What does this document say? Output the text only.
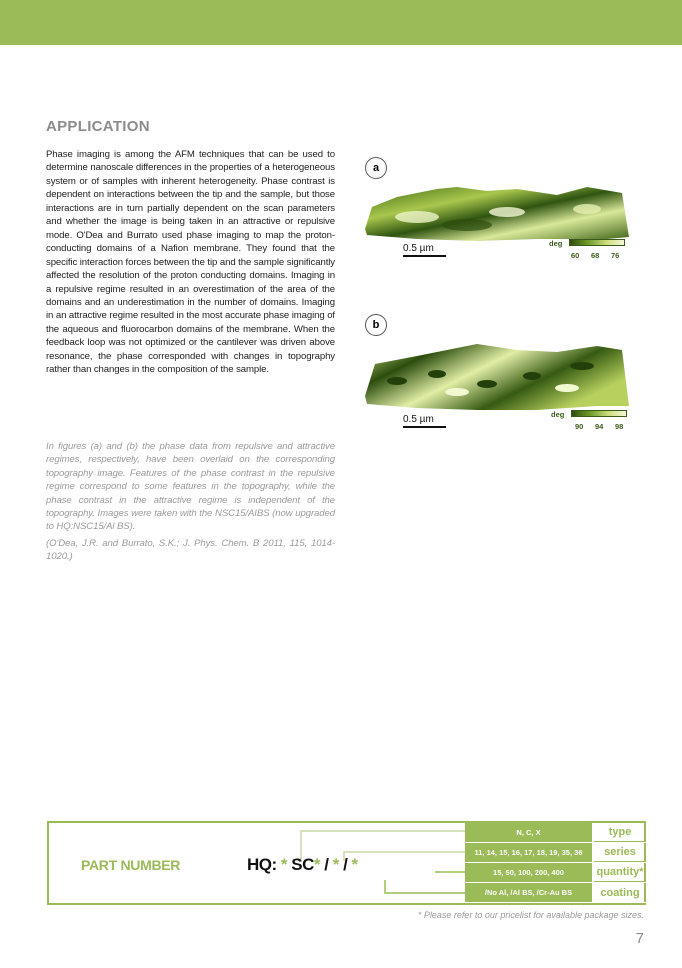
APPLICATION
Phase imaging is among the AFM techniques that can be used to determine nanoscale differences in the properties of a heterogeneous system or of samples with inherent heterogeneity. Phase contrast is dependent on interactions between the tip and the sample, but those interactions are in turn partially dependent on the scan parameters and whether the image is being taken in an attractive or repulsive mode. O'Dea and Burrato used phase imaging to map the proton-conducting domains of a Nafion membrane. They found that the specific interaction forces between the tip and the sample significantly affected the resolution of the proton conducting domains. Imaging in a repulsive regime resulted in an overestimation of the area of the domains and an underestimation in the number of domains. Imaging in an attractive regime resulted in the most accurate phase imaging of the aqueous and fluorocarbon domains of the membrane. When the feedback loop was not optimized or the cantilever was driven above resonance, the phase corresponded with changes in topography rather than changes in the composition of the sample.

In figures (a) and (b) the phase data from repulsive and attractive regimes, respectively, have been overlaid on the corresponding topography image. Features of the phase contrast in the repulsive regime correspond to some features in the topography, while the phase contrast in the attractive regime is independent of the topography. Images were taken with the NSC15/AIBS (now upgraded to HQ:NSC15/Al BS).

(O'Dea, J.R. and Burrato, S.K.; J. Phys. Chem. B 2011, 115, 1014-1020.)

a
0.5 µm	deg
60 68 76
b
0.5 µm	deg
90 94 98
PART NUMBER	HQ: * SC* / * / *
N, C, X	type
11, 14, 15, 16, 17, 18, 19, 35, 36	series
15, 50, 100, 200, 400	quantity*
/No Al, /Al BS, /Cr-Au BS	coating
* Please refer to our pricelist for available package sizes.
7
